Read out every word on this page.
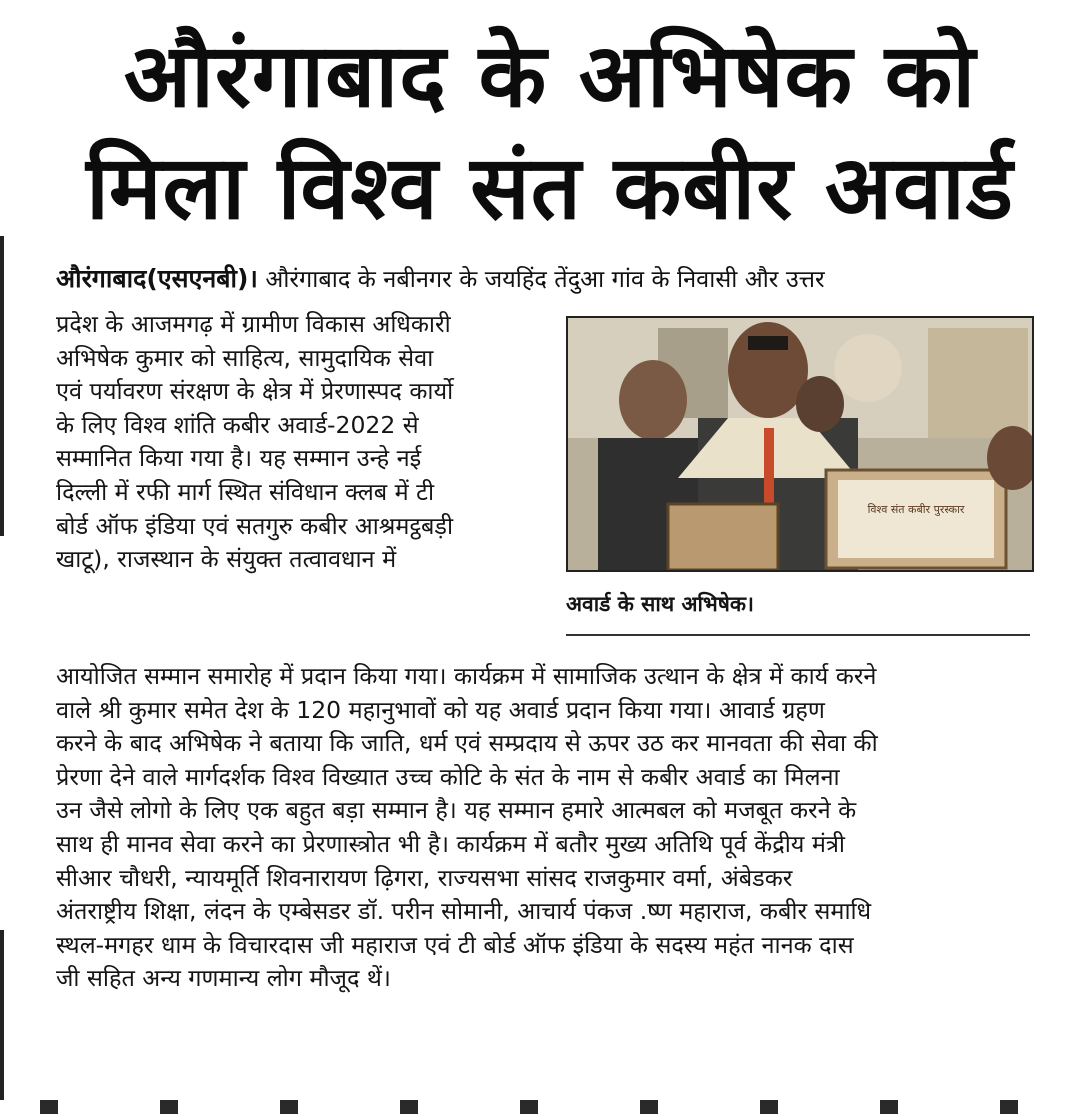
औरंगाबाद के अभिषेक को
मिला विश्व संत कबीर अवार्ड
औरंगाबाद(एसएनबी)। औरंगाबाद के नबीनगर के जयहिंद तेंदुआ गांव के निवासी और उत्तर
प्रदेश के आजमगढ़ में ग्रामीण विकास अधिकारी
अभिषेक कुमार को साहित्य, सामुदायिक सेवा
एवं पर्यावरण संरक्षण के क्षेत्र में प्रेरणास्पद कार्यो
के लिए विश्व शांति कबीर अवार्ड-2022 से
सम्मानित किया गया है। यह सम्मान उन्हे नई
दिल्ली में रफी मार्ग स्थित संविधान क्लब में टी
बोर्ड ऑफ इंडिया एवं सतगुरु कबीर आश्रमट्ठबड़ी
खाटू), राजस्थान के संयुक्त तत्वावधान में
विश्व संत कबीर पुरस्कार
अवार्ड के साथ अभिषेक।
आयोजित सम्मान समारोह में प्रदान किया गया। कार्यक्रम में सामाजिक उत्थान के क्षेत्र में कार्य करने
वाले श्री कुमार समेत देश के 120 महानुभावों को यह अवार्ड प्रदान किया गया। आवार्ड ग्रहण
करने के बाद अभिषेक ने बताया कि जाति, धर्म एवं सम्प्रदाय से ऊपर उठ कर मानवता की सेवा की
प्रेरणा देने वाले मार्गदर्शक विश्व विख्यात उच्च कोटि के संत के नाम से कबीर अवार्ड का मिलना
उन जैसे लोगो के लिए एक बहुत बड़ा सम्मान है। यह सम्मान हमारे आत्मबल को मजबूत करने के
साथ ही मानव सेवा करने का प्रेरणास्त्रोत भी है। कार्यक्रम में बतौर मुख्य अतिथि पूर्व केंद्रीय मंत्री
सीआर चौधरी, न्यायमूर्ति शिवनारायण ढ़िगरा, राज्यसभा सांसद राजकुमार वर्मा, अंबेडकर
अंतराष्ट्रीय शिक्षा, लंदन के एम्बेसडर डॉ. परीन सोमानी, आचार्य पंकज .ष्ण महाराज, कबीर समाधि
स्थल-मगहर धाम के विचारदास जी महाराज एवं टी बोर्ड ऑफ इंडिया के सदस्य महंत नानक दास
जी सहित अन्य गणमान्य लोग मौजूद थें।
